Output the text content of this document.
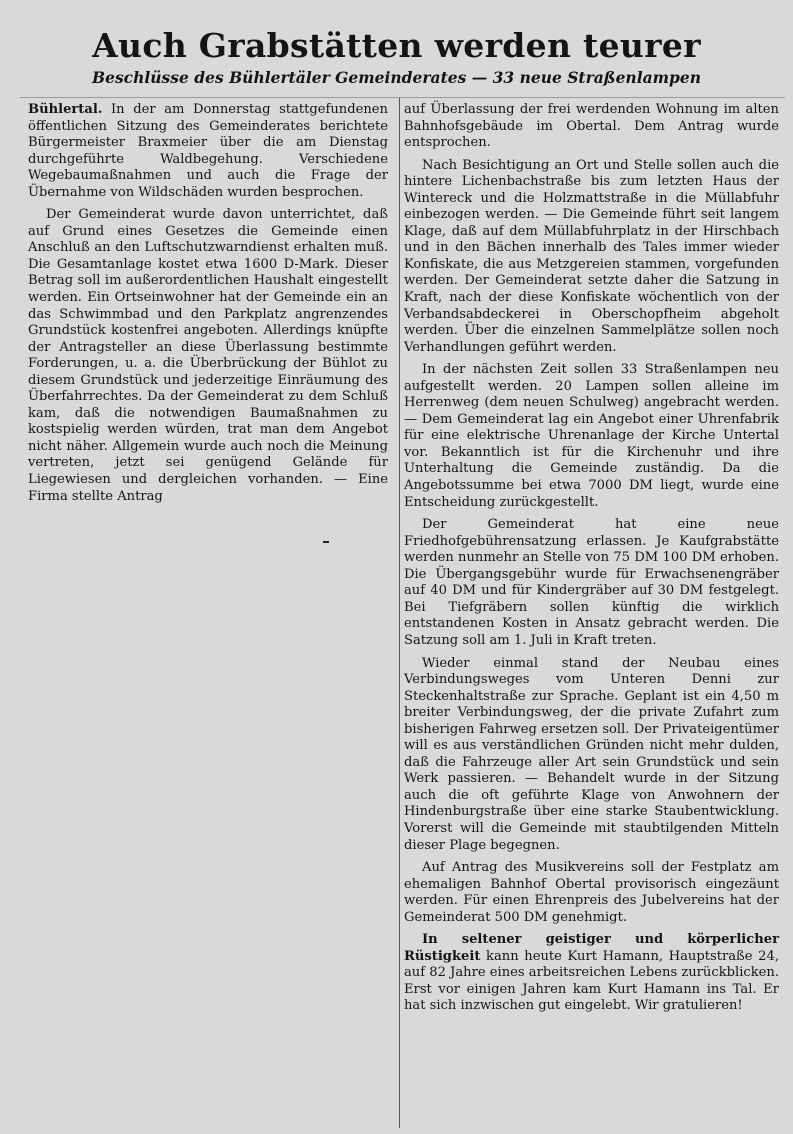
Auch Grabstätten werden teurer
Beschlüsse des Bühlertäler Gemeinderates — 33 neue Straßenlampen

Bühlertal. In der am Donnerstag stattgefundenen öffentlichen Sitzung des Gemeinderates berichtete Bürgermeister Braxmeier über die am Dienstag durchgeführte Waldbegehung. Verschiedene Wegebaumaßnahmen und auch die Frage der Übernahme von Wildschäden wurden besprochen.

Der Gemeinderat wurde davon unterrichtet, daß auf Grund eines Gesetzes die Gemeinde einen Anschluß an den Luftschutzwarndienst erhalten muß. Die Gesamtanlage kostet etwa 1600 D-Mark. Dieser Betrag soll im außerordentlichen Haushalt eingestellt werden. Ein Ortseinwohner hat der Gemeinde ein an das Schwimmbad und den Parkplatz angrenzendes Grundstück kostenfrei angeboten. Allerdings knüpfte der Antragsteller an diese Überlassung bestimmte Forderungen, u. a. die Überbrückung der Bühlot zu diesem Grundstück und jederzeitige Einräumung des Überfahrrechtes. Da der Gemeinderat zu dem Schluß kam, daß die notwendigen Baumaßnahmen zu kostspielig werden würden, trat man dem Angebot nicht näher. Allgemein wurde auch noch die Meinung vertreten, jetzt sei genügend Gelände für Liegewiesen und dergleichen vorhanden. — Eine Firma stellte Antrag

auf Überlassung der frei werdenden Wohnung im alten Bahnhofsgebäude im Obertal. Dem Antrag wurde entsprochen.

Nach Besichtigung an Ort und Stelle sollen auch die hintere Lichenbachstraße bis zum letzten Haus der Wintereck und die Holzmattstraße in die Müllabfuhr einbezogen werden. — Die Gemeinde führt seit langem Klage, daß auf dem Müllabfuhrplatz in der Hirschbach und in den Bächen innerhalb des Tales immer wieder Konfiskate, die aus Metzgereien stammen, vorgefunden werden. Der Gemeinderat setzte daher die Satzung in Kraft, nach der diese Konfiskate wöchentlich von der Verbandsabdeckerei in Oberschopfheim abgeholt werden. Über die einzelnen Sammelplätze sollen noch Verhandlungen geführt werden.

In der nächsten Zeit sollen 33 Straßenlampen neu aufgestellt werden. 20 Lampen sollen alleine im Herrenweg (dem neuen Schulweg) angebracht werden. — Dem Gemeinderat lag ein Angebot einer Uhrenfabrik für eine elektrische Uhrenanlage der Kirche Untertal vor. Bekanntlich ist für die Kirchenuhr und ihre Unterhaltung die Gemeinde zuständig. Da die Angebotssumme bei etwa 7000 DM liegt, wurde eine Entscheidung zurückgestellt.

Der Gemeinderat hat eine neue Friedhofgebührensatzung erlassen. Je Kaufgrabstätte werden nunmehr an Stelle von 75 DM 100 DM erhoben. Die Übergangsgebühr wurde für Erwachsenengräber auf 40 DM und für Kindergräber auf 30 DM festgelegt. Bei Tiefgräbern sollen künftig die wirklich entstandenen Kosten in Ansatz gebracht werden. Die Satzung soll am 1. Juli in Kraft treten.

Wieder einmal stand der Neubau eines Verbindungsweges vom Unteren Denni zur Steckenhaltstraße zur Sprache. Geplant ist ein 4,50 m breiter Verbindungsweg, der die private Zufahrt zum bisherigen Fahrweg ersetzen soll. Der Privateigentümer will es aus verständlichen Gründen nicht mehr dulden, daß die Fahrzeuge aller Art sein Grundstück und sein Werk passieren. — Behandelt wurde in der Sitzung auch die oft geführte Klage von Anwohnern der Hindenburgstraße über eine starke Staubentwicklung. Vorerst will die Gemeinde mit staubtilgenden Mitteln dieser Plage begegnen.

Auf Antrag des Musikvereins soll der Festplatz am ehemaligen Bahnhof Obertal provisorisch eingezäunt werden. Für einen Ehrenpreis des Jubelvereins hat der Gemeinderat 500 DM genehmigt.

In seltener geistiger und körperlicher Rüstigkeit kann heute Kurt Hamann, Hauptstraße 24, auf 82 Jahre eines arbeitsreichen Lebens zurückblicken. Erst vor einigen Jahren kam Kurt Hamann ins Tal. Er hat sich inzwischen gut eingelebt. Wir gratulieren!
